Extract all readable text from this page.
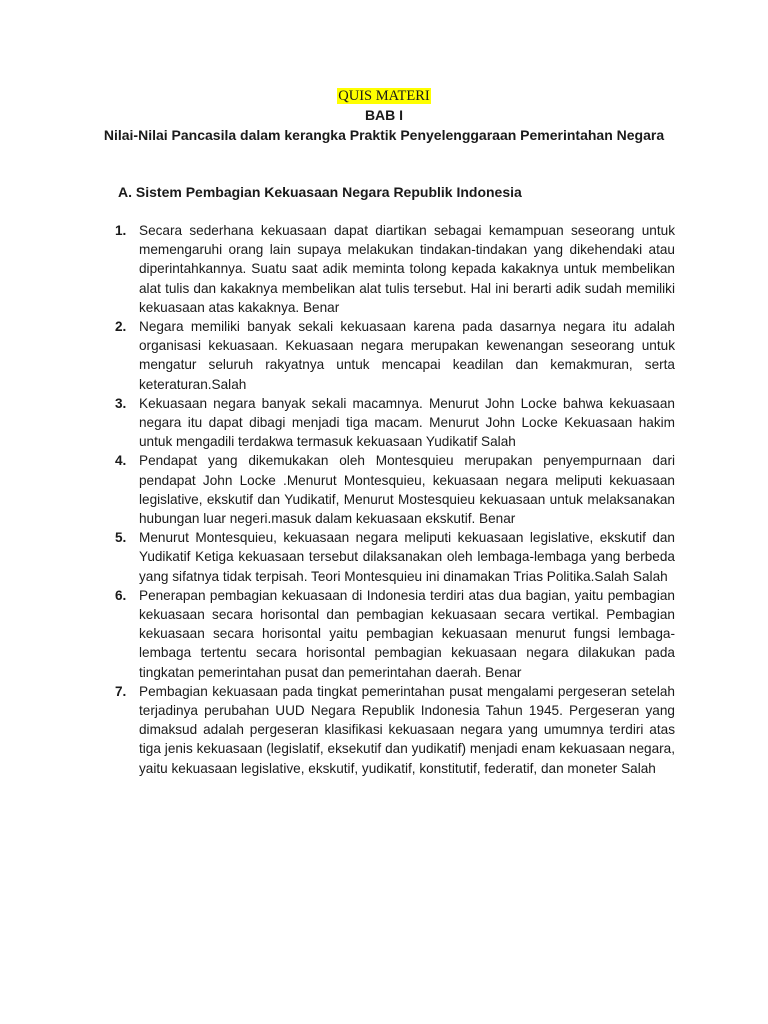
QUIS MATERI
BAB I
Nilai-Nilai Pancasila dalam kerangka Praktik Penyelenggaraan Pemerintahan Negara
A. Sistem Pembagian Kekuasaan Negara Republik Indonesia
1. Secara sederhana kekuasaan dapat diartikan sebagai kemampuan seseorang untuk memengaruhi orang lain supaya melakukan tindakan-tindakan yang dikehendaki atau diperintahkannya. Suatu saat adik meminta tolong kepada kakaknya untuk membelikan alat tulis dan kakaknya membelikan alat tulis tersebut. Hal ini berarti adik sudah memiliki kekuasaan atas kakaknya. Benar
2. Negara memiliki banyak sekali kekuasaan karena pada dasarnya negara itu adalah organisasi kekuasaan. Kekuasaan negara merupakan kewenangan seseorang untuk mengatur seluruh rakyatnya untuk mencapai keadilan dan kemakmuran, serta keteraturan.Salah
3. Kekuasaan negara banyak sekali macamnya. Menurut John Locke bahwa kekuasaan negara itu dapat dibagi menjadi tiga macam. Menurut John Locke Kekuasaan hakim untuk mengadili terdakwa termasuk kekuasaan Yudikatif Salah
4. Pendapat yang dikemukakan oleh Montesquieu merupakan penyempurnaan dari pendapat John Locke .Menurut Montesquieu, kekuasaan negara meliputi kekuasaan legislative, ekskutif dan Yudikatif, Menurut Mostesquieu kekuasaan untuk melaksanakan hubungan luar negeri.masuk dalam kekuasaan ekskutif. Benar
5. Menurut Montesquieu, kekuasaan negara meliputi kekuasaan legislative, ekskutif dan Yudikatif Ketiga kekuasaan tersebut dilaksanakan oleh lembaga-lembaga yang berbeda yang sifatnya tidak terpisah. Teori Montesquieu ini dinamakan Trias Politika.Salah Salah
6. Penerapan pembagian kekuasaan di Indonesia terdiri atas dua bagian, yaitu pembagian kekuasaan secara horisontal dan pembagian kekuasaan secara vertikal. Pembagian kekuasaan secara horisontal yaitu pembagian kekuasaan menurut fungsi lembaga-lembaga tertentu secara horisontal pembagian kekuasaan negara dilakukan pada tingkatan pemerintahan pusat dan pemerintahan daerah. Benar
7. Pembagian kekuasaan pada tingkat pemerintahan pusat mengalami pergeseran setelah terjadinya perubahan UUD Negara Republik Indonesia Tahun 1945. Pergeseran yang dimaksud adalah pergeseran klasifikasi kekuasaan negara yang umumnya terdiri atas tiga jenis kekuasaan (legislatif, eksekutif dan yudikatif) menjadi enam kekuasaan negara, yaitu kekuasaan legislative, ekskutif, yudikatif, konstitutif, federatif, dan moneter Salah
